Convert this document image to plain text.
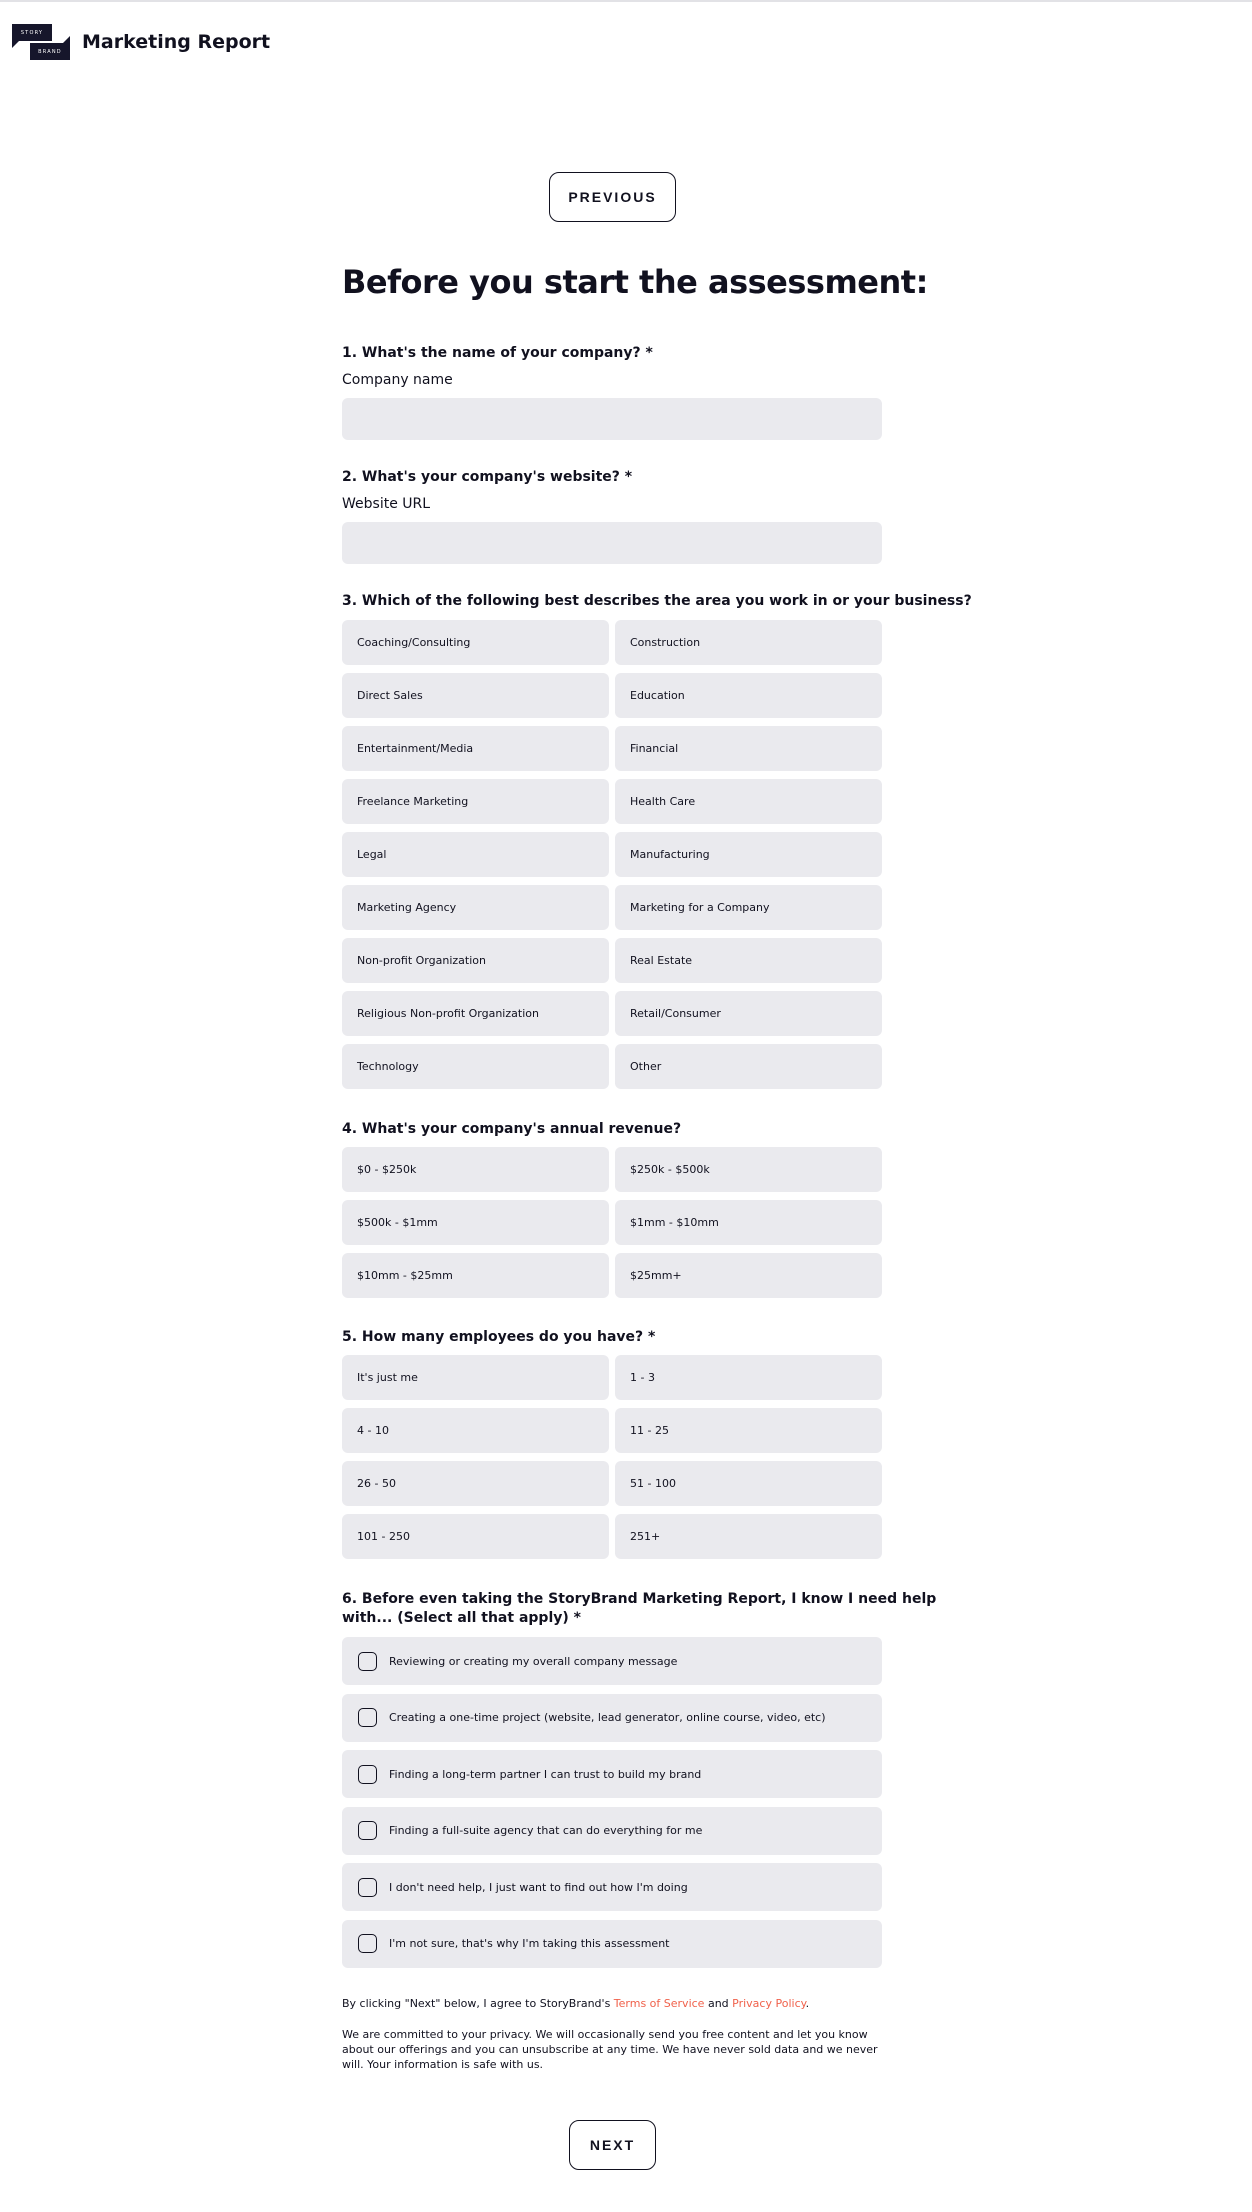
STORY
BRAND	Marketing Report
PREVIOUS
Before you start the assessment:
1. What's the name of your company? *
Company name
2. What's your company's website? *
Website URL
3. Which of the following best describes the area you work in or your business?
Coaching/Consulting	Construction
Direct Sales	Education
Entertainment/Media	Financial
Freelance Marketing	Health Care
Legal	Manufacturing
Marketing Agency	Marketing for a Company
Non-profit Organization	Real Estate
Religious Non-profit Organization	Retail/Consumer
Technology	Other
4. What's your company's annual revenue?
$0 - $250k	$250k - $500k
$500k - $1mm	$1mm - $10mm
$10mm - $25mm	$25mm+
5. How many employees do you have? *
It's just me	1 - 3
4 - 10	11 - 25
26 - 50	51 - 100
101 - 250	251+
6. Before even taking the StoryBrand Marketing Report, I know I need help
with... (Select all that apply) *
Reviewing or creating my overall company message
Creating a one-time project (website, lead generator, online course, video, etc)
Finding a long-term partner I can trust to build my brand
Finding a full-suite agency that can do everything for me
I don't need help, I just want to find out how I'm doing
I'm not sure, that's why I'm taking this assessment

By clicking "Next" below, I agree to StoryBrand's Terms of Service and Privacy Policy.

We are committed to your privacy. We will occasionally send you free content and let you know about our offerings and you can unsubscribe at any time. We have never sold data and we never will. Your information is safe with us.

NEXT
